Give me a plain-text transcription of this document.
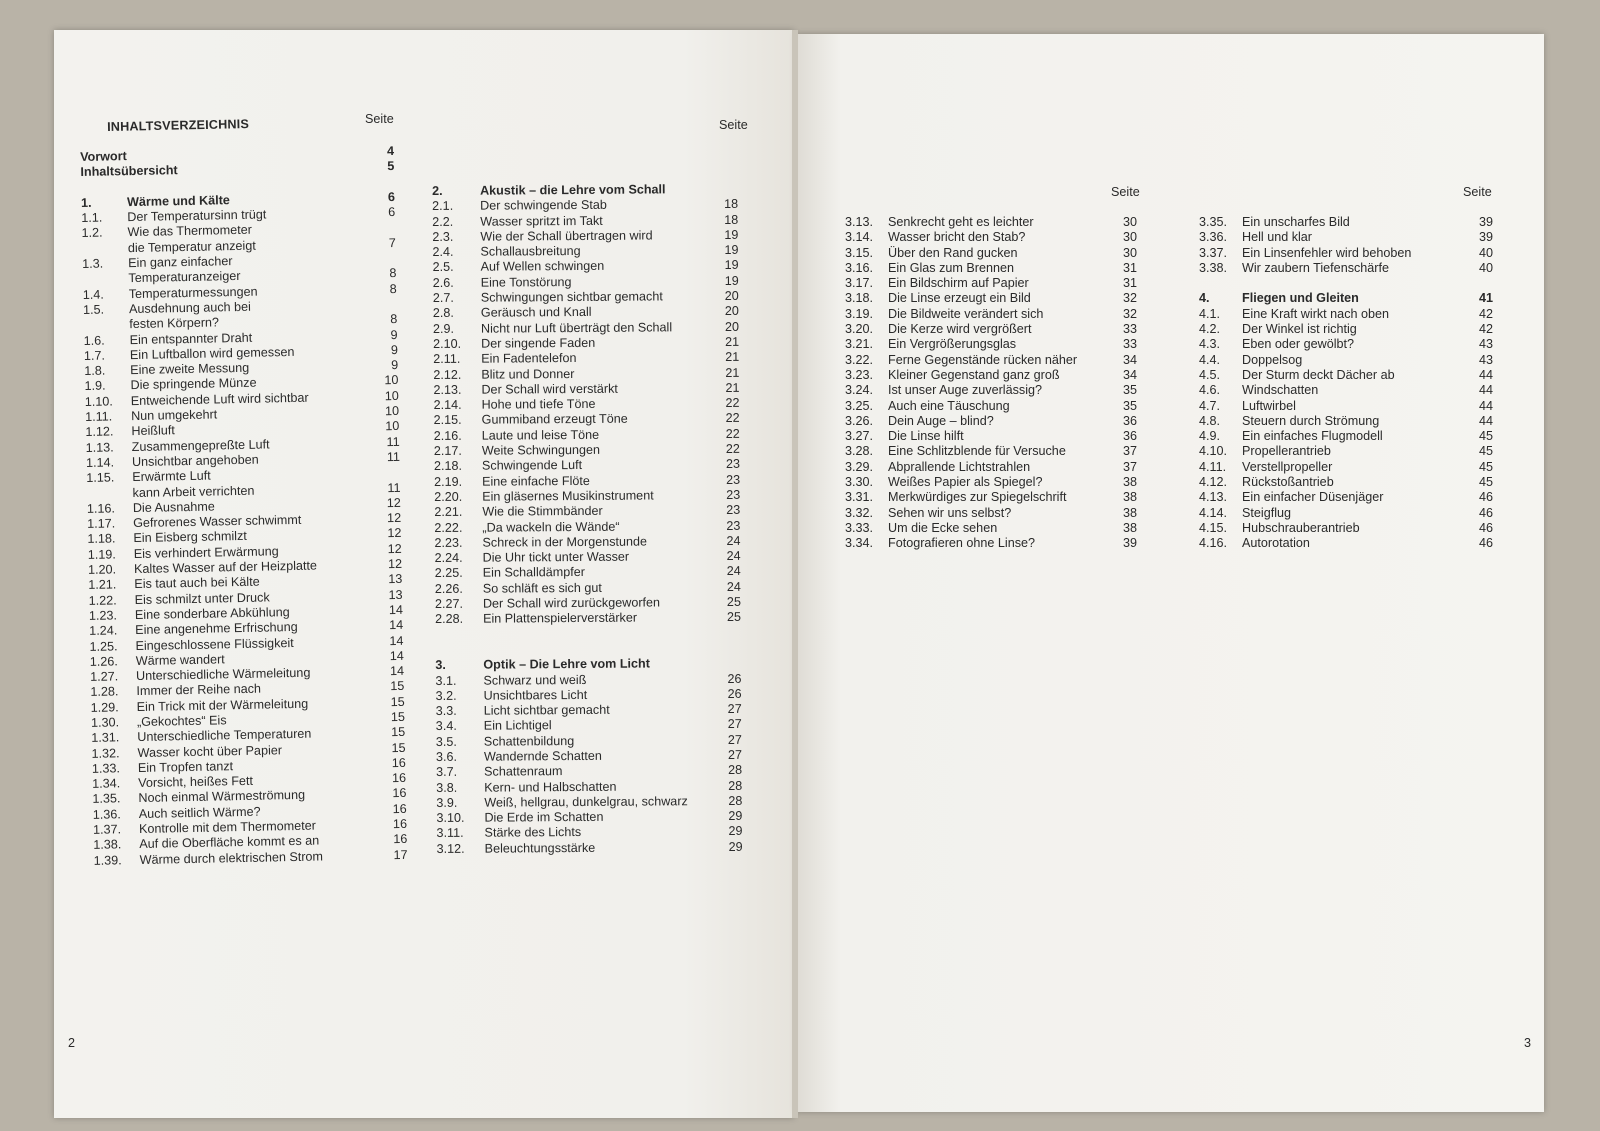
INHALTSVERZEICHNIS	Seite	Seite
Seite	Seite
Vorwort	4
Inhaltsübersicht	5
1.	Wärme und Kälte	6
1.1. Der Temperatursinn trügt	6
1.2. Wie das Thermometer
die Temperatur anzeigt	7
1.3. Ein ganz einfacher
Temperaturanzeiger	8
1.4. Temperaturmessungen	8
1.5. Ausdehnung auch bei
festen Körpern?	8
1.6. Ein entspannter Draht	9
1.7. Ein Luftballon wird gemessen	9
1.8. Eine zweite Messung	9
1.9. Die springende Münze	10
1.10. Entweichende Luft wird sichtbar	10
1.11. Nun umgekehrt	10
1.12. Heißluft	10
1.13. Zusammengepreßte Luft	11
1.14. Unsichtbar angehoben	11
1.15. Erwärmte Luft
kann Arbeit verrichten	11
1.16. Die Ausnahme	12
1.17. Gefrorenes Wasser schwimmt	12
1.18. Ein Eisberg schmilzt	12
1.19. Eis verhindert Erwärmung	12
1.20. Kaltes Wasser auf der Heizplatte	12
1.21. Eis taut auch bei Kälte	13
1.22. Eis schmilzt unter Druck	13
1.23. Eine sonderbare Abkühlung	14
1.24. Eine angenehme Erfrischung	14
1.25. Eingeschlossene Flüssigkeit	14
1.26. Wärme wandert	14
1.27. Unterschiedliche Wärmeleitung	14
1.28. Immer der Reihe nach	15
1.29. Ein Trick mit der Wärmeleitung	15
1.30. „Gekochtes“ Eis	15
1.31. Unterschiedliche Temperaturen	15
1.32. Wasser kocht über Papier	15
1.33. Ein Tropfen tanzt	16
1.34. Vorsicht, heißes Fett	16
1.35. Noch einmal Wärmeströmung	16
1.36. Auch seitlich Wärme?	16
1.37. Kontrolle mit dem Thermometer	16
1.38. Auf die Oberfläche kommt es an	16
1.39. Wärme durch elektrischen Strom	17
2.	Akustik – die Lehre vom Schall
2.1. Der schwingende Stab	18
2.2. Wasser spritzt im Takt	18
2.3. Wie der Schall übertragen wird	19
2.4. Schallausbreitung	19
2.5. Auf Wellen schwingen	19
2.6. Eine Tonstörung	19
2.7. Schwingungen sichtbar gemacht	20
2.8. Geräusch und Knall	20
2.9. Nicht nur Luft überträgt den Schall	20
2.10. Der singende Faden	21
2.11. Ein Fadentelefon	21
2.12. Blitz und Donner	21
2.13. Der Schall wird verstärkt	21
2.14. Hohe und tiefe Töne	22
2.15. Gummiband erzeugt Töne	22
2.16. Laute und leise Töne	22
2.17. Weite Schwingungen	22
2.18. Schwingende Luft	23
2.19. Eine einfache Flöte	23
2.20. Ein gläsernes Musikinstrument	23
2.21. Wie die Stimmbänder	23
2.22. „Da wackeln die Wände“	23
2.23. Schreck in der Morgenstunde	24
2.24. Die Uhr tickt unter Wasser	24
2.25. Ein Schalldämpfer	24
2.26. So schläft es sich gut	24
2.27. Der Schall wird zurückgeworfen	25
2.28. Ein Plattenspielerverstärker	25
3.	Optik – Die Lehre vom Licht
3.1. Schwarz und weiß	26
3.2. Unsichtbares Licht	26
3.3. Licht sichtbar gemacht	27
3.4. Ein Lichtigel	27
3.5. Schattenbildung	27
3.6. Wandernde Schatten	27
3.7. Schattenraum	28
3.8. Kern- und Halbschatten	28
3.9. Weiß, hellgrau, dunkelgrau, schwarz	28
3.10. Die Erde im Schatten	29
3.11. Stärke des Lichts	29
3.12. Beleuchtungsstärke	29
3.13. Senkrecht geht es leichter	30
3.14. Wasser bricht den Stab?	30
3.15. Über den Rand gucken	30
3.16. Ein Glas zum Brennen	31
3.17. Ein Bildschirm auf Papier	31
3.18. Die Linse erzeugt ein Bild	32
3.19. Die Bildweite verändert sich	32
3.20. Die Kerze wird vergrößert	33
3.21. Ein Vergrößerungsglas	33
3.22. Ferne Gegenstände rücken näher	34
3.23. Kleiner Gegenstand ganz groß	34
3.24. Ist unser Auge zuverlässig?	35
3.25. Auch eine Täuschung	35
3.26. Dein Auge – blind?	36
3.27. Die Linse hilft	36
3.28. Eine Schlitzblende für Versuche	37
3.29. Abprallende Lichtstrahlen	37
3.30. Weißes Papier als Spiegel?	38
3.31. Merkwürdiges zur Spiegelschrift	38
3.32. Sehen wir uns selbst?	38
3.33. Um die Ecke sehen	38
3.34. Fotografieren ohne Linse?	39
3.35. Ein unscharfes Bild	39
3.36. Hell und klar	39
3.37. Ein Linsenfehler wird behoben	40
3.38. Wir zaubern Tiefenschärfe	40
4.	Fliegen und Gleiten	41
4.1. Eine Kraft wirkt nach oben	42
4.2. Der Winkel ist richtig	42
4.3. Eben oder gewölbt?	43
4.4. Doppelsog	43
4.5. Der Sturm deckt Dächer ab	44
4.6. Windschatten	44
4.7. Luftwirbel	44
4.8. Steuern durch Strömung	44
4.9. Ein einfaches Flugmodell	45
4.10. Propellerantrieb	45
4.11. Verstellpropeller	45
4.12. Rückstoßantrieb	45
4.13. Ein einfacher Düsenjäger	46
4.14. Steigflug	46
4.15. Hubschrauberantrieb	46
4.16. Autorotation	46
2	3
